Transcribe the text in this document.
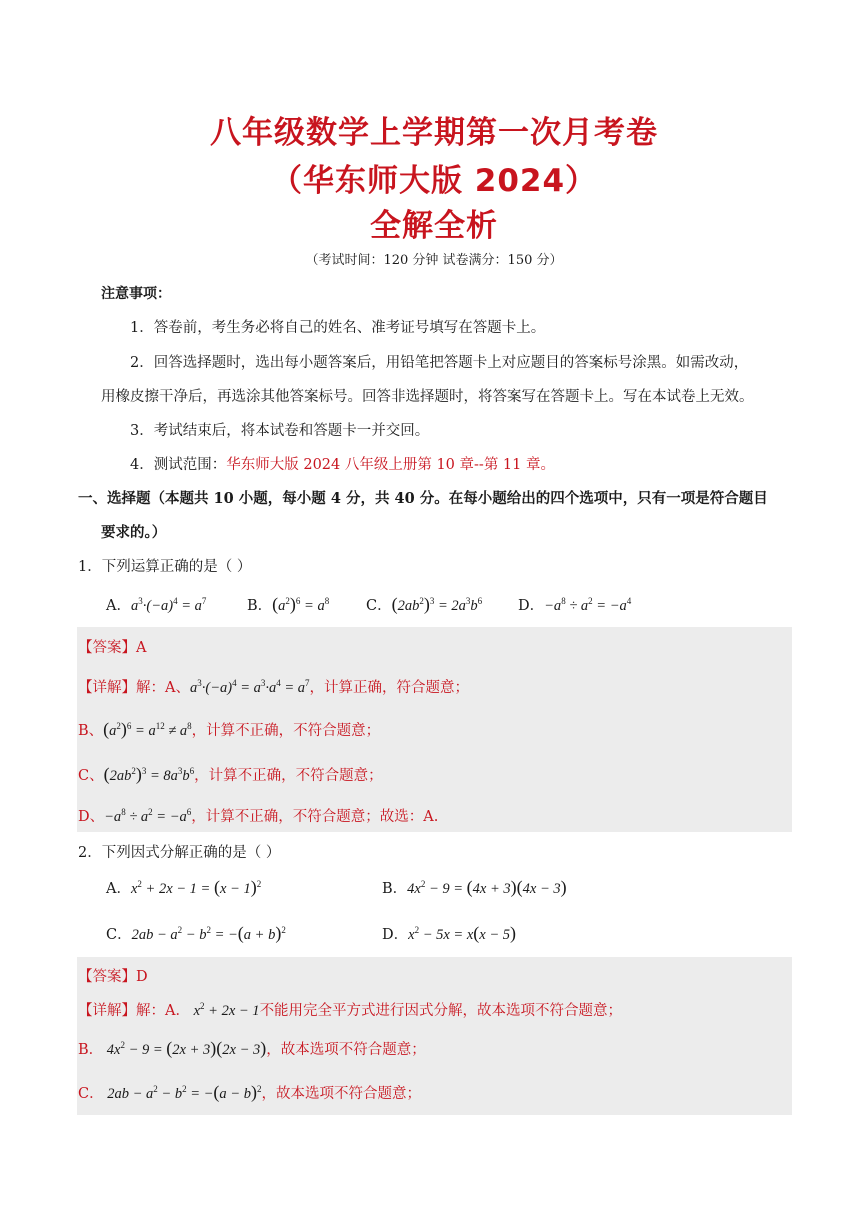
八年级数学上学期第一次月考卷
（华东师大版 2024）
全解全析
（考试时间：120 分钟 试卷满分：150 分）
注意事项：
1．答卷前，考生务必将自己的姓名、准考证号填写在答题卡上。
2．回答选择题时，选出每小题答案后，用铅笔把答题卡上对应题目的答案标号涂黑。如需改动，
用橡皮擦干净后，再选涂其他答案标号。回答非选择题时，将答案写在答题卡上。写在本试卷上无效。
3．考试结束后，将本试卷和答题卡一并交回。
4．测试范围：华东师大版 2024 八年级上册第 10 章--第 11 章。
一、选择题（本题共 10 小题，每小题 4 分，共 40 分。在每小题给出的四个选项中，只有一项是符合题目
要求的。）
1．下列运算正确的是（ ）
A．$a^3\cdot(-a)^4 = a^7$	B．$(a^2)^6 = a^8$	C．$(2ab^2)^3 = 2a^3b^6$ D．$-a^8 \div a^2 = -a^4$
【答案】A
【详解】解：A、$a^3\cdot(-a)^4 = a^3\cdot a^4 = a^7$，计算正确，符合题意；
B、$(a^2)^6 = a^{12} \ne a^8$，计算不正确，不符合题意；
C、$(2ab^2)^3 = 8a^3b^6$，计算不正确，不符合题意；
D、$-a^8 \div a^2 = -a^6$，计算不正确，不符合题意；故选：A.
2．下列因式分解正确的是（ ）
A．$x^2 + 2x - 1 = (x - 1)^2$	B．$4x^2 - 9 = (4x + 3)(4x - 3)$
C．$2ab - a^2 - b^2 = -(a + b)^2$	D．$x^2 - 5x = x(x - 5)$
【答案】D
【详解】解：A． $x^2 + 2x - 1$不能用完全平方式进行因式分解，故本选项不符合题意；
B． $4x^2 - 9 = (2x + 3)(2x - 3)$，故本选项不符合题意；
C． $2ab - a^2 - b^2 = -(a - b)^2$，故本选项不符合题意；
